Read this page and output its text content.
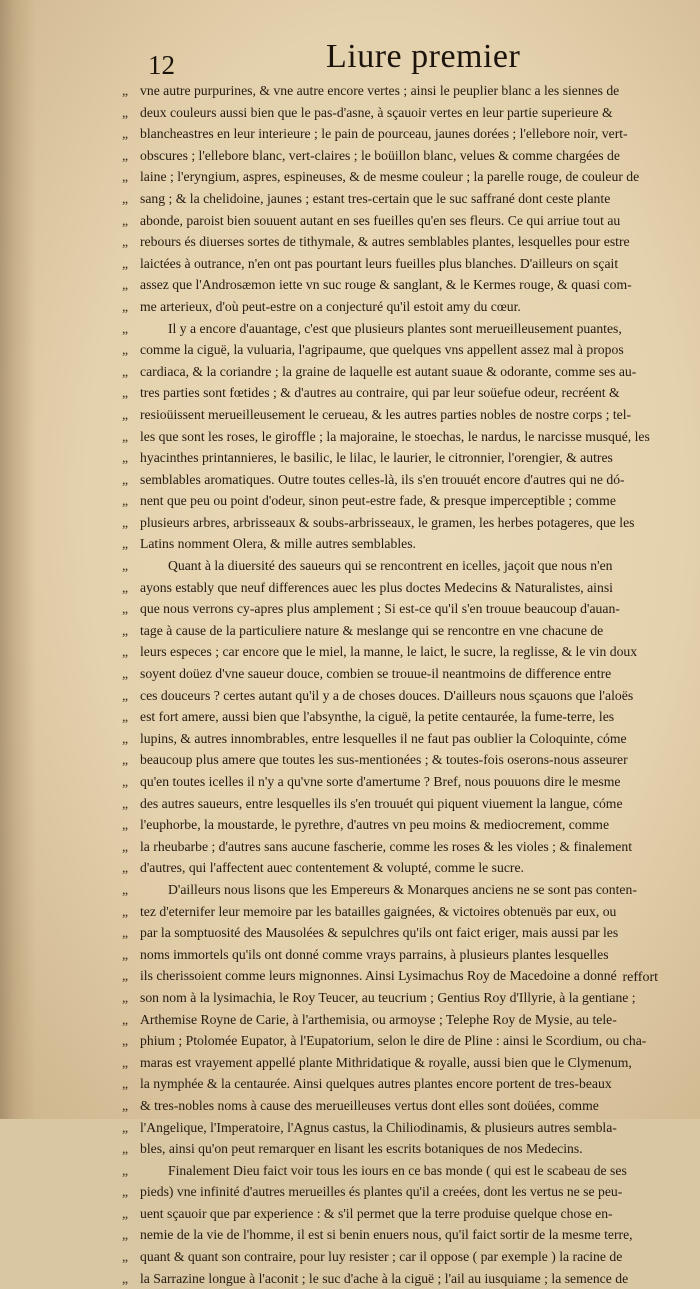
12	Liure premier
„ vne autre purpurines, & vne autre encore vertes ; ainsi le peuplier blanc a les siennes de
„ deux couleurs aussi bien que le pas-d'asne, à sçauoir vertes en leur partie superieure &
„ blancheastres en leur interieure ; le pain de pourceau, jaunes dorées ; l'ellebore noir, vert-
„ obscures ; l'ellebore blanc, vert-claires ; le boüillon blanc, velues & comme chargées de
„ laine ; l'eryngium, aspres, espineuses, & de mesme couleur ; la parelle rouge, de couleur de
„ sang ; & la chelidoine, jaunes ; estant tres-certain que le suc saffrané dont ceste plante
„ abonde, paroist bien souuent autant en ses fueilles qu'en ses fleurs. Ce qui arriue tout au
„ rebours és diuerses sortes de tithymale, & autres semblables plantes, lesquelles pour estre
„ laictées à outrance, n'en ont pas pourtant leurs fueilles plus blanches. D'ailleurs on sçait
„ assez que l'Androsæmon iette vn suc rouge & sanglant, & le Kermes rouge, & quasi com-
„ me arterieux, d'où peut-estre on a conjecturé qu'il estoit amy du cœur.
„	Il y a encore d'auantage, c'est que plusieurs plantes sont merueilleusement puantes,
„ comme la ciguë, la vuluaria, l'agripaume, que quelques vns appellent assez mal à propos
„ cardiaca, & la coriandre ; la graine de laquelle est autant suaue & odorante, comme ses au-
„ tres parties sont fœtides ; & d'autres au contraire, qui par leur soüefue odeur, recréent &
„ resioüissent merueilleusement le cerueau, & les autres parties nobles de nostre corps ; tel-
„ les que sont les roses, le giroffle ; la majoraine, le stoechas, le nardus, le narcisse musqué, les
„ hyacinthes printannieres, le basilic, le lilac, le laurier, le citronnier, l'orengier, & autres
„ semblables aromatiques. Outre toutes celles-là, ils s'en trouuét encore d'autres qui ne dó-
„ nent que peu ou point d'odeur, sinon peut-estre fade, & presque imperceptible ; comme
„ plusieurs arbres, arbrisseaux & soubs-arbrisseaux, le gramen, les herbes potageres, que les
„ Latins nomment Olera, & mille autres semblables.
„	Quant à la diuersité des saueurs qui se rencontrent en icelles, jaçoit que nous n'en
„ ayons estably que neuf differences auec les plus doctes Medecins & Naturalistes, ainsi
„ que nous verrons cy-apres plus amplement ; Si est-ce qu'il s'en trouue beaucoup d'auan-
„ tage à cause de la particuliere nature & meslange qui se rencontre en vne chacune de
„ leurs especes ; car encore que le miel, la manne, le laict, le sucre, la reglisse, & le vin doux
„ soyent doüez d'vne saueur douce, combien se trouue-il neantmoins de difference entre
„ ces douceurs ? certes autant qu'il y a de choses douces. D'ailleurs nous sçauons que l'aloës
„ est fort amere, aussi bien que l'absynthe, la ciguë, la petite centaurée, la fume-terre, les
„ lupins, & autres innombrables, entre lesquelles il ne faut pas oublier la Coloquinte, cóme
„ beaucoup plus amere que toutes les sus-mentionées ; & toutes-fois oserons-nous asseurer
„ qu'en toutes icelles il n'y a qu'vne sorte d'amertume ? Bref, nous pouuons dire le mesme
„ des autres saueurs, entre lesquelles ils s'en trouuét qui piquent viuement la langue, cóme
„ l'euphorbe, la moustarde, le pyrethre, d'autres vn peu moins & mediocrement, comme
„ la rheubarbe ; d'autres sans aucune fascherie, comme les roses & les violes ; & finalement
„ d'autres, qui l'affectent auec contentement & volupté, comme le sucre.
„	D'ailleurs nous lisons que les Empereurs & Monarques anciens ne se sont pas conten-
„ tez d'eternifer leur memoire par les batailles gaignées, & victoires obtenuës par eux, ou
„ par la somptuosité des Mausolées & sepulchres qu'ils ont faict eriger, mais aussi par les
„ noms immortels qu'ils ont donné comme vrays parrains, à plusieurs plantes lesquelles
„ ils cherissoient comme leurs mignonnes. Ainsi Lysimachus Roy de Macedoine a donné
„ son nom à la lysimachia, le Roy Teucer, au teucrium ; Gentius Roy d'Illyrie, à la gentiane ;
„ Arthemise Royne de Carie, à l'arthemisia, ou armoyse ; Telephe Roy de Mysie, au tele-
„ phium ; Ptolomée Eupator, à l'Eupatorium, selon le dire de Pline : ainsi le Scordium, ou cha-
„ maras est vrayement appellé plante Mithridatique & royalle, aussi bien que le Clymenum,
„ la nymphée & la centaurée. Ainsi quelques autres plantes encore portent de tres-beaux
„ & tres-nobles noms à cause des merueilleuses vertus dont elles sont doüées, comme
„ l'Angelique, l'Imperatoire, l'Agnus castus, la Chiliodinamis, & plusieurs autres sembla-
„ bles, ainsi qu'on peut remarquer en lisant les escrits botaniques de nos Medecins.
„	Finalement Dieu faict voir tous les iours en ce bas monde ( qui est le scabeau de ses
„ pieds) vne infinité d'autres merueilles és plantes qu'il a creées, dont les vertus ne se peu-
„ uent sçauoir que par experience : & s'il permet que la terre produise quelque chose en-
„ nemie de la vie de l'homme, il est si benin enuers nous, qu'il faict sortir de la mesme terre,
„ quant & quant son contraire, pour luy resister ; car il oppose ( par exemple ) la racine de
„ la Sarrazine longue à l'aconit ; le suc d'ache à la ciguë ; l'ail au iusquiame ; la semence de
reffort
